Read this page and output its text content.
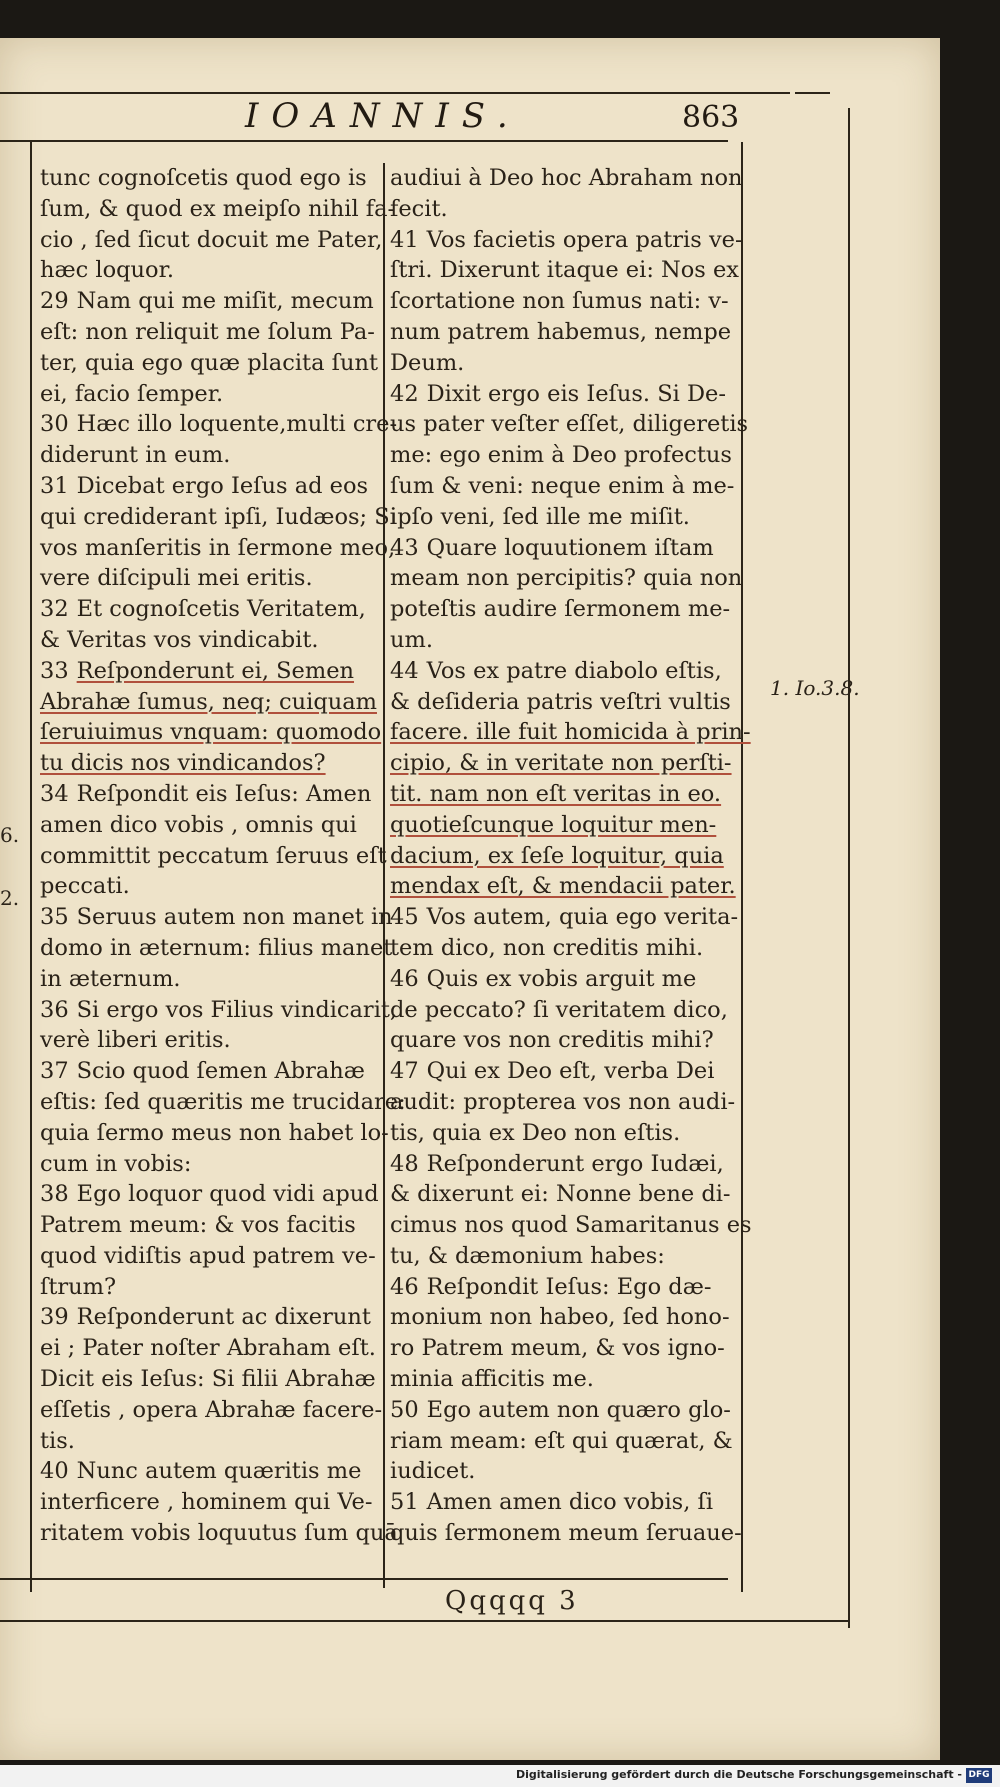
IOANNIS.	863

tunc cognoſcetis quod ego is

ſum, & quod ex meipſo nihil fa-

cio , ſed ſicut docuit me Pater,

hæc loquor.

29 Nam qui me miſit, mecum

eſt: non reliquit me ſolum Pa-

ter, quia ego quæ placita ſunt

ei, facio ſemper.

30 Hæc illo loquente,multi cre-

diderunt in eum.

31 Dicebat ergo Ieſus ad eos

qui crediderant ipſi, Iudæos; Si

vos manſeritis in ſermone meo,

vere diſcipuli mei eritis.

32 Et cognoſcetis Veritatem,

& Veritas vos vindicabit.

33 Reſponderunt ei, Semen

Abrahæ ſumus, neq; cuiquam

ſeruiuimus vnquam: quomodo

tu dicis nos vindicandos?

34 Reſpondit eis Ieſus: Amen

amen dico vobis , omnis qui

committit peccatum ſeruus eſt

peccati.

35 Seruus autem non manet in

domo in æternum: filius manet

in æternum.

36 Si ergo vos Filius vindicarit,

verè liberi eritis.

37 Scio quod ſemen Abrahæ

eſtis: ſed quæritis me trucidare:

quia ſermo meus non habet lo-

cum in vobis:

38 Ego loquor quod vidi apud

Patrem meum: & vos facitis

quod vidiſtis apud patrem ve-

ſtrum?

39 Reſponderunt ac dixerunt

ei ; Pater noſter Abraham eſt.

Dicit eis Ieſus: Si filii Abrahæ

eſſetis , opera Abrahæ facere-

tis.

40 Nunc autem quæritis me

interficere , hominem qui Ve-

ritatem vobis loquutus ſum quā

audiui à Deo hoc Abraham non

fecit.

41 Vos facietis opera patris ve-

ſtri. Dixerunt itaque ei: Nos ex

ſcortatione non ſumus nati: v-

num patrem habemus, nempe

Deum.

42 Dixit ergo eis Ieſus. Si De-

us pater veſter eſſet, diligeretis

me: ego enim à Deo profectus

ſum & veni: neque enim à me-

ipſo veni, ſed ille me miſit.

43 Quare loquutionem iſtam

meam non percipitis? quia non

poteſtis audire ſermonem me-

um.

44 Vos ex patre diabolo eſtis,

& deſideria patris veſtri vultis

facere. ille fuit homicida à prin-

cipio, & in veritate non perſti-

tit. nam non eſt veritas in eo.

quotieſcunque loquitur men-

dacium, ex ſeſe loquitur, quia

mendax eſt, & mendacii pater.

45 Vos autem, quia ego verita-

tem dico, non creditis mihi.

46 Quis ex vobis arguit me

de peccato? ſi veritatem dico,

quare vos non creditis mihi?

47 Qui ex Deo eſt, verba Dei

audit: propterea vos non audi-

tis, quia ex Deo non eſtis.

48 Reſponderunt ergo Iudæi,

& dixerunt ei: Nonne bene di-

cimus nos quod Samaritanus es

tu, & dæmonium habes:

46 Reſpondit Ieſus: Ego dæ-

monium non habeo, ſed hono-

ro Patrem meum, & vos igno-

minia afficitis me.

50 Ego autem non quæro glo-

riam meam: eſt qui quærat, &

iudicet.

51 Amen amen dico vobis, ſi

quis ſermonem meum ſeruaue-

1. Io.3.8.
6.
2.
Qqqqq 3
Digitalisierung gefördert durch die Deutsche Forschungsgemeinschaft - DFG
